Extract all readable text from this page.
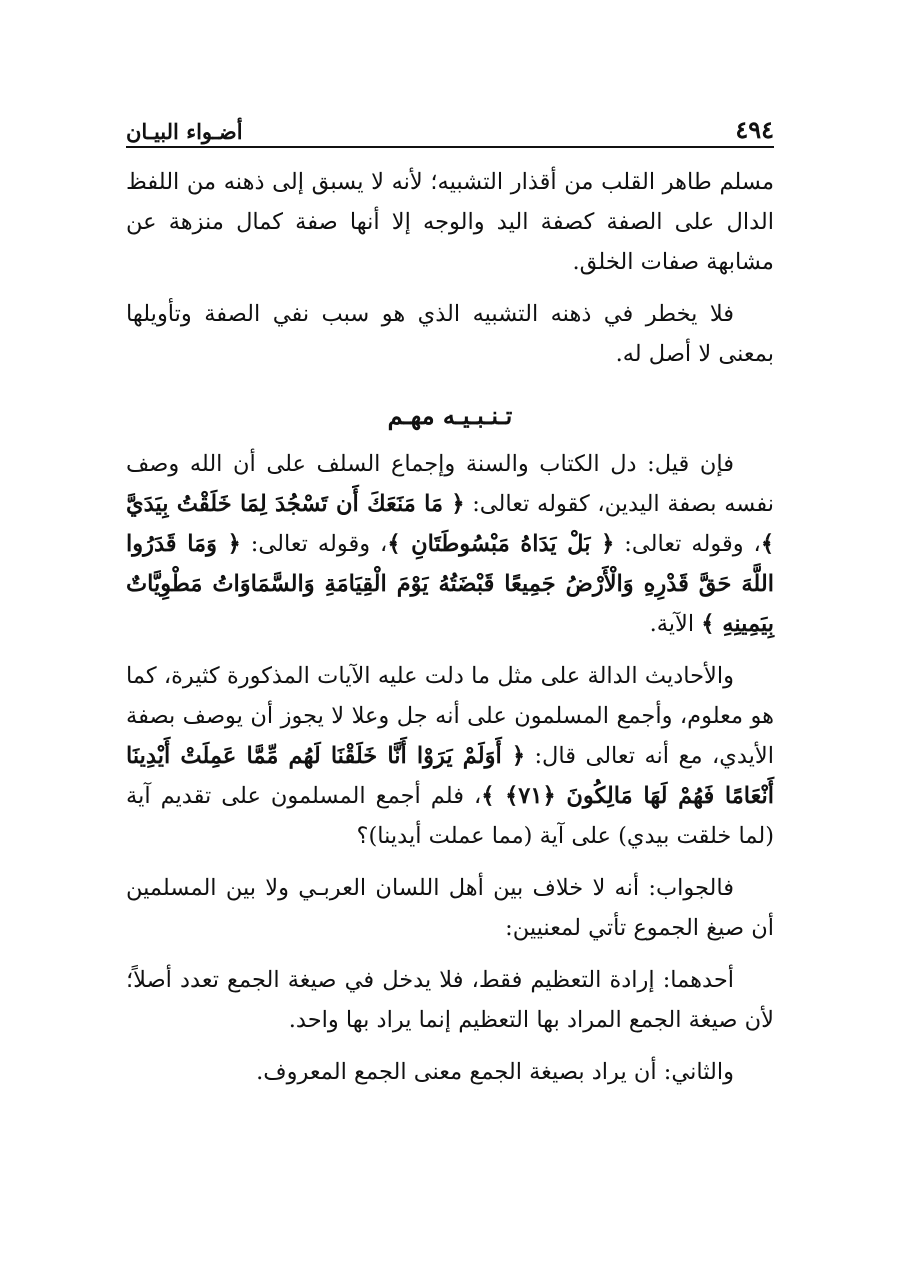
٤٩٤
أضـواء البيـان

مسلم طاهر القلب من أقذار التشبيه؛ لأنه لا يسبق إلى ذهنه من اللفظ الدال على الصفة كصفة اليد والوجه إلا أنها صفة كمال منزهة عن مشابهة صفات الخلق.

فلا يخطر في ذهنه التشبيه الذي هو سبب نفي الصفة وتأويلها بمعنى لا أصل له.

تـنـبـيـه مهـم

فإن قيل: دل الكتاب والسنة وإجماع السلف على أن الله وصف نفسه بصفة اليدين، كقوله تعالى: ﴿ مَا مَنَعَكَ أَن تَسْجُدَ لِمَا خَلَقْتُ بِيَدَيَّ ﴾، وقوله تعالى: ﴿ بَلْ يَدَاهُ مَبْسُوطَتَانِ ﴾، وقوله تعالى: ﴿ وَمَا قَدَرُوا اللَّهَ حَقَّ قَدْرِهِ وَالْأَرْضُ جَمِيعًا قَبْضَتُهُ يَوْمَ الْقِيَامَةِ وَالسَّمَاوَاتُ مَطْوِيَّاتٌ بِيَمِينِهِ ﴾ الآية.

والأحاديث الدالة على مثل ما دلت عليه الآيات المذكورة كثيرة، كما هو معلوم، وأجمع المسلمون على أنه جل وعلا لا يجوز أن يوصف بصفة الأيدي، مع أنه تعالى قال: ﴿ أَوَلَمْ يَرَوْا أَنَّا خَلَقْنَا لَهُم مِّمَّا عَمِلَتْ أَيْدِينَا أَنْعَامًا فَهُمْ لَهَا مَالِكُونَ ﴿٧١﴾ ﴾، فلم أجمع المسلمون على تقديم آية (لما خلقت بيدي) على آية (مما عملت أيدينا)؟

فالجواب: أنه لا خلاف بين أهل اللسان العربـي ولا بين المسلمين أن صيغ الجموع تأتي لمعنيين:

أحدهما: إرادة التعظيم فقط، فلا يدخل في صيغة الجمع تعدد أصلاً؛ لأن صيغة الجمع المراد بها التعظيم إنما يراد بها واحد.

والثاني: أن يراد بصيغة الجمع معنى الجمع المعروف.
